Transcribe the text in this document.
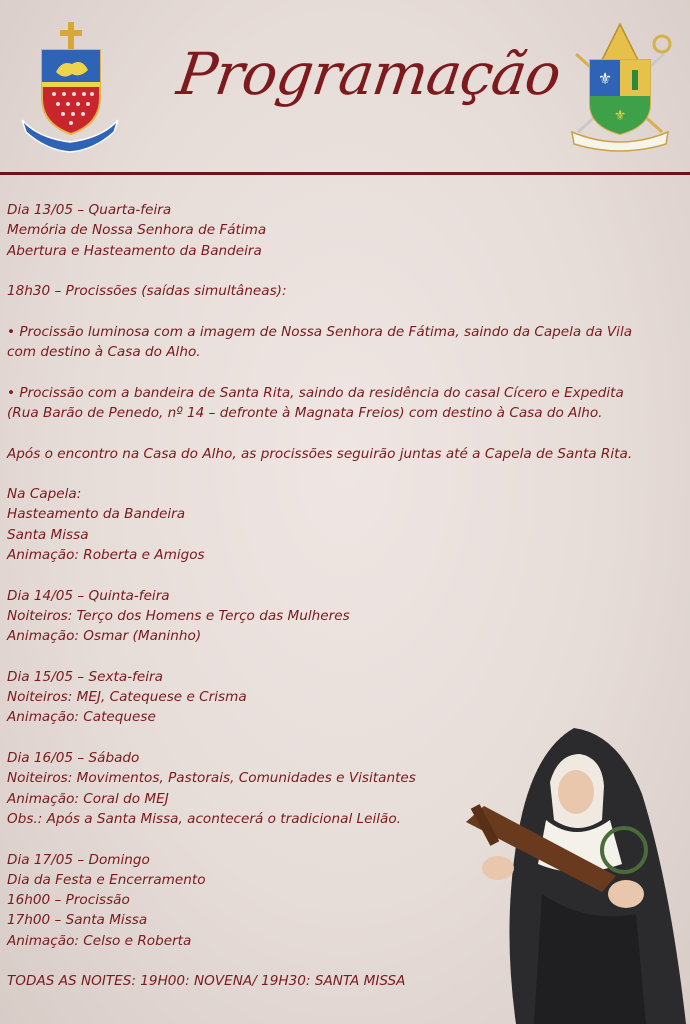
Programação ⚜
⚜

Dia 13/05 – Quarta-feira

Memória de Nossa Senhora de Fátima

Abertura e Hasteamento da Bandeira

18h30 – Procissões (saídas simultâneas):

• Procissão luminosa com a imagem de Nossa Senhora de Fátima, saindo da Capela da Vila

com destino à Casa do Alho.

• Procissão com a bandeira de Santa Rita, saindo da residência do casal Cícero e Expedita

(Rua Barão de Penedo, nº 14 – defronte à Magnata Freios) com destino à Casa do Alho.

Após o encontro na Casa do Alho, as procissões seguirão juntas até a Capela de Santa Rita.

Na Capela:

Hasteamento da Bandeira

Santa Missa

Animação: Roberta e Amigos

Dia 14/05 – Quinta-feira

Noiteiros: Terço dos Homens e Terço das Mulheres

Animação: Osmar (Maninho)

Dia 15/05 – Sexta-feira

Noiteiros: MEJ, Catequese e Crisma

Animação: Catequese

Dia 16/05 – Sábado

Noiteiros: Movimentos, Pastorais, Comunidades e Visitantes

Animação: Coral do MEJ

Obs.: Após a Santa Missa, acontecerá o tradicional Leilão.

Dia 17/05 – Domingo

Dia da Festa e Encerramento

16h00 – Procissão

17h00 – Santa Missa

Animação: Celso e Roberta

TODAS AS NOITES: 19H00: NOVENA/ 19H30: SANTA MISSA
